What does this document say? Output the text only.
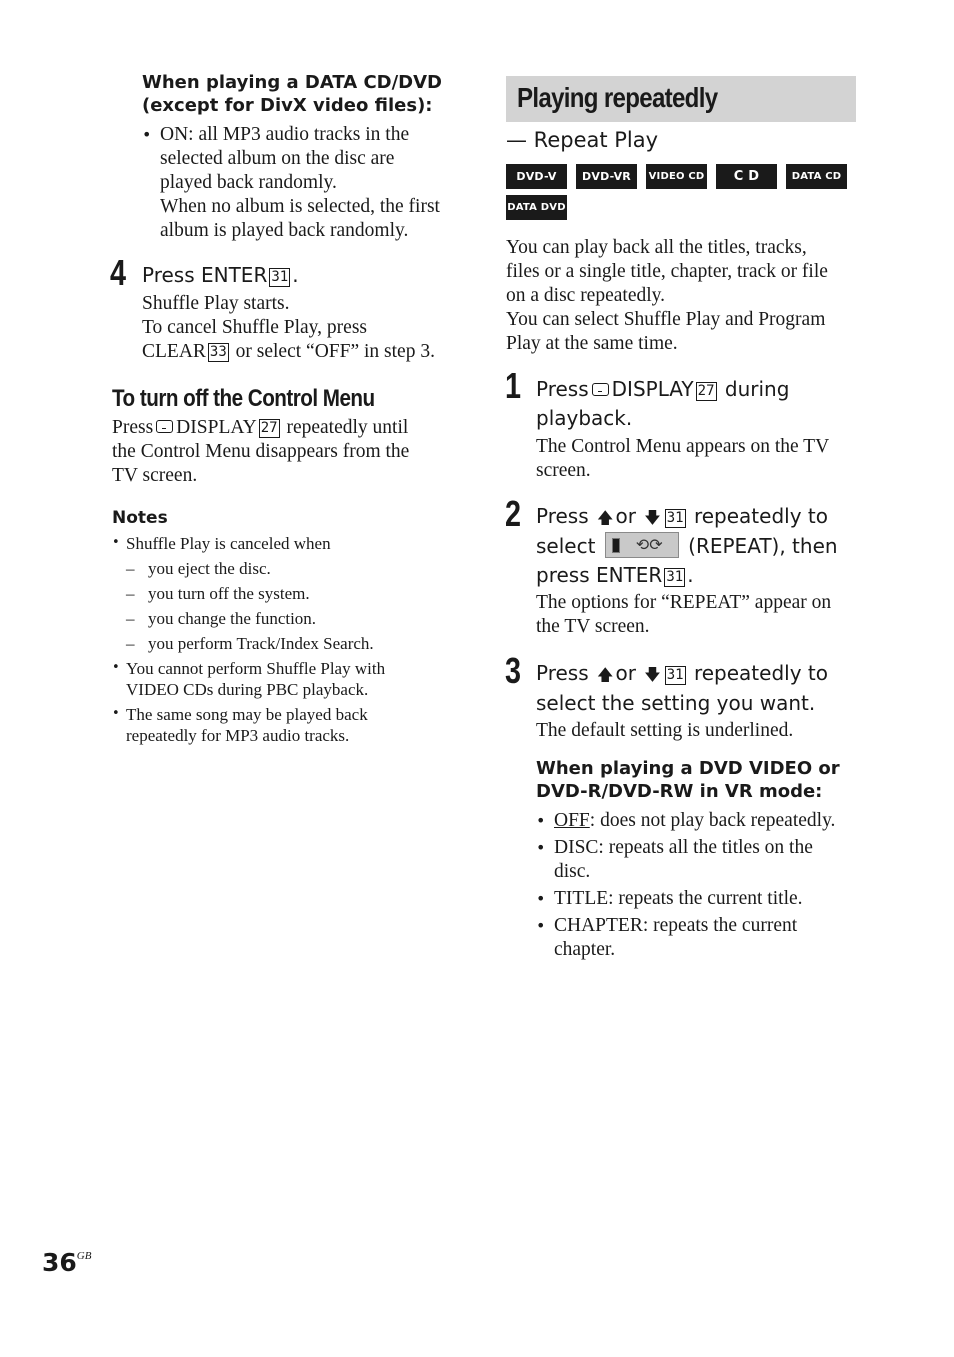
When playing a DATA CD/DVD
(except for DivX video files):
• ON: all MP3 audio tracks in the
selected album on the disc are
played back randomly.
When no album is selected, the first
album is played back randomly.
4 Press ENTER 31 .
Shuffle Play starts.
To cancel Shuffle Play, press
CLEAR 33 or select “OFF” in step 3.
To turn off the Control Menu
Press DISPLAY 27 repeatedly until
the Control Menu disappears from the
TV screen.
Notes
• Shuffle Play is canceled when
– you eject the disc.
– you turn off the system.
– you change the function.
– you perform Track/Index Search.
• You cannot perform Shuffle Play with
VIDEO CDs during PBC playback.
• The same song may be played back
repeatedly for MP3 audio tracks.
Playing repeatedly
— Repeat Play
DVD-V	DVD-VR	VIDEO CD	C D	DATA CD
DATA DVD
You can play back all the titles, tracks,
files or a single title, chapter, track or file
on a disc repeatedly.
You can select Shuffle Play and Program
Play at the same time.
1 Press DISPLAY 27 during
playback.
The Control Menu appears on the TV
screen.
2 Press 🡅 or 🡇 31 repeatedly to
select	⟲⟳ (REPEAT), then
press ENTER 31 .
The options for “REPEAT” appear on
the TV screen.
3 Press 🡅 or 🡇 31 repeatedly to
select the setting you want.
The default setting is underlined.
When playing a DVD VIDEO or
DVD-R/DVD-RW in VR mode:
• OFF: does not play back repeatedly.
• DISC: repeats all the titles on the
disc.
• TITLE: repeats the current title.
• CHAPTER: repeats the current
chapter.
$36^{GB}$
